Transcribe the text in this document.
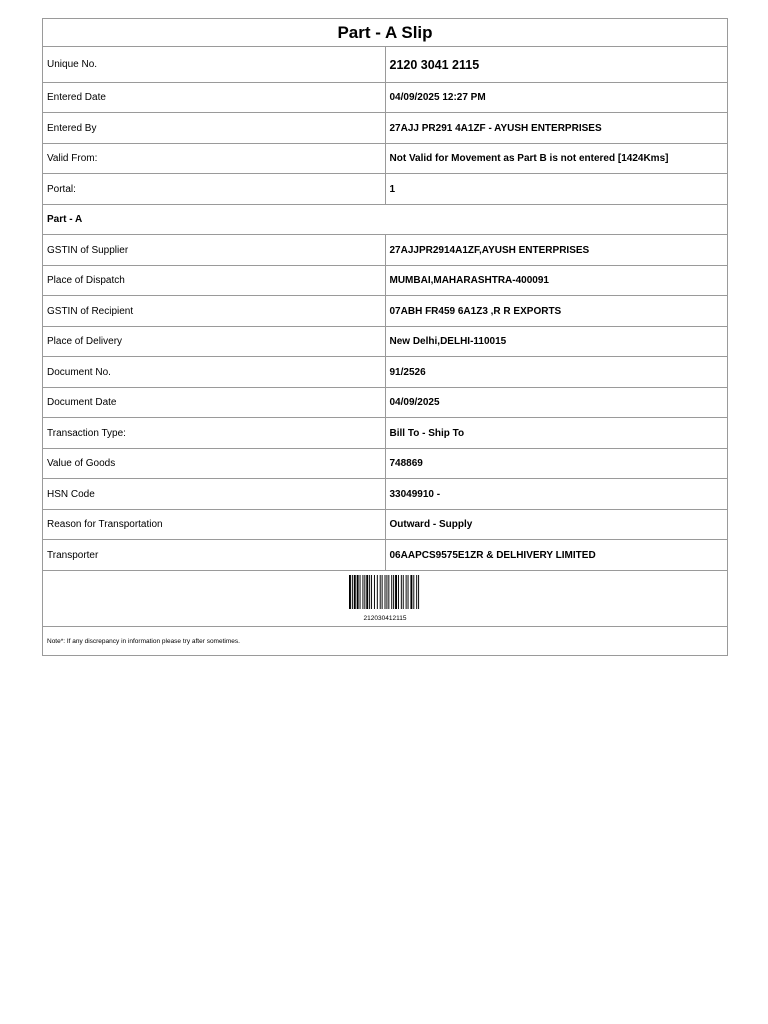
Part - A Slip	
Unique No.	2120 3041 2115
Entered Date	04/09/2025 12:27 PM
Entered By	27AJJ PR291 4A1ZF - AYUSH ENTERPRISES
Valid From:	Not Valid for Movement as Part B is not entered [1424Kms]
Portal:	1
Part - A	
GSTIN of Supplier	27AJJPR2914A1ZF,AYUSH ENTERPRISES
Place of Dispatch	MUMBAI,MAHARASHTRA-400091
GSTIN of Recipient	07ABH FR459 6A1Z3 ,R R EXPORTS
Place of Delivery	New Delhi,DELHI-110015
Document No.	91/2526
Document Date	04/09/2025
Transaction Type:	Bill To - Ship To
Value of Goods	748869
HSN Code	33049910 -
Reason for Transportation	Outward - Supply
Transporter	06AAPCS9575E1ZR & DELHIVERY LIMITED

212030412115	

Note*: If any discrepancy in information please try after sometimes.	
